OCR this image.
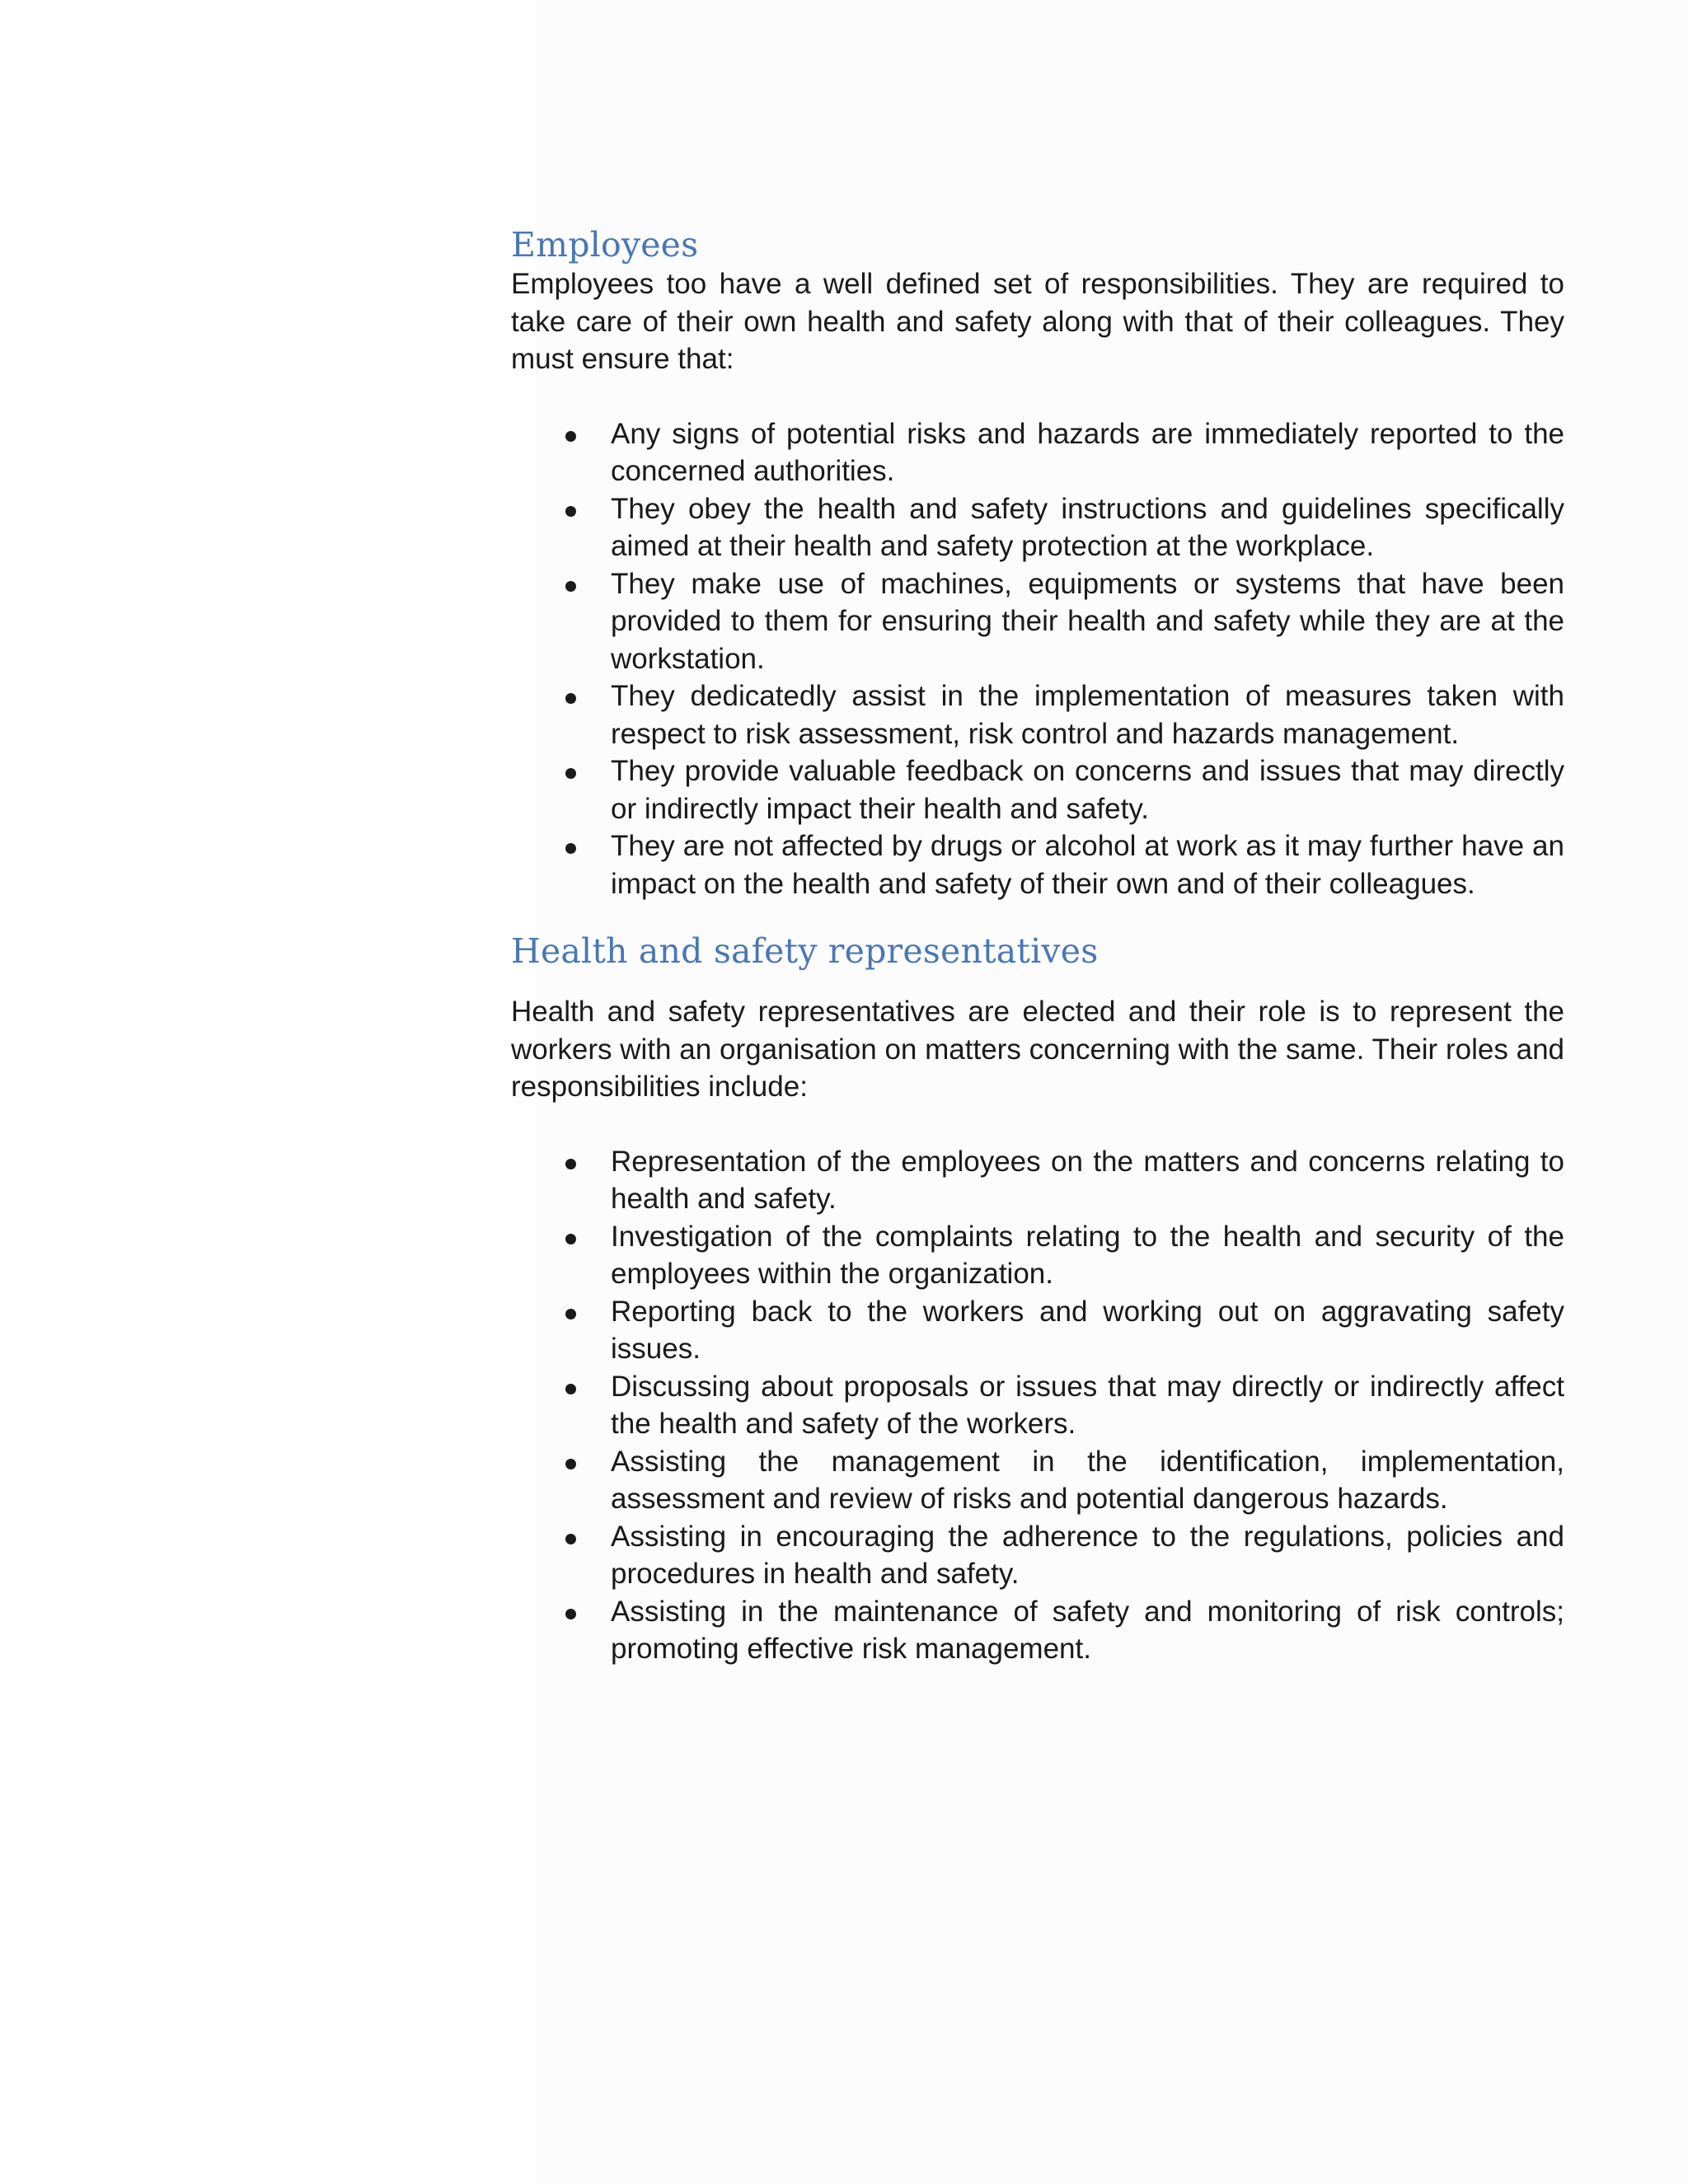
Employees

Employees too have a well defined set of responsibilities. They are required to take care of their own health and safety along with that of their colleagues. They must ensure that:

Any signs of potential risks and hazards are immediately reported to the concerned authorities.
They obey the health and safety instructions and guidelines specifically aimed at their health and safety protection at the workplace.
They make use of machines, equipments or systems that have been provided to them for ensuring their health and safety while they are at the workstation.
They dedicatedly assist in the implementation of measures taken with respect to risk assessment, risk control and hazards management.
They provide valuable feedback on concerns and issues that may directly or indirectly impact their health and safety.
They are not affected by drugs or alcohol at work as it may further have an impact on the health and safety of their own and of their colleagues.
Health and safety representatives

Health and safety representatives are elected and their role is to represent the workers with an organisation on matters concerning with the same. Their roles and responsibilities include:

Representation of the employees on the matters and concerns relating to health and safety.
Investigation of the complaints relating to the health and security of the employees within the organization.
Reporting back to the workers and working out on aggravating safety issues.
Discussing about proposals or issues that may directly or indirectly affect the health and safety of the workers.
Assisting the management in the identification, implementation, assessment and review of risks and potential dangerous hazards.
Assisting in encouraging the adherence to the regulations, policies and procedures in health and safety.
Assisting in the maintenance of safety and monitoring of risk controls; promoting effective risk management.
